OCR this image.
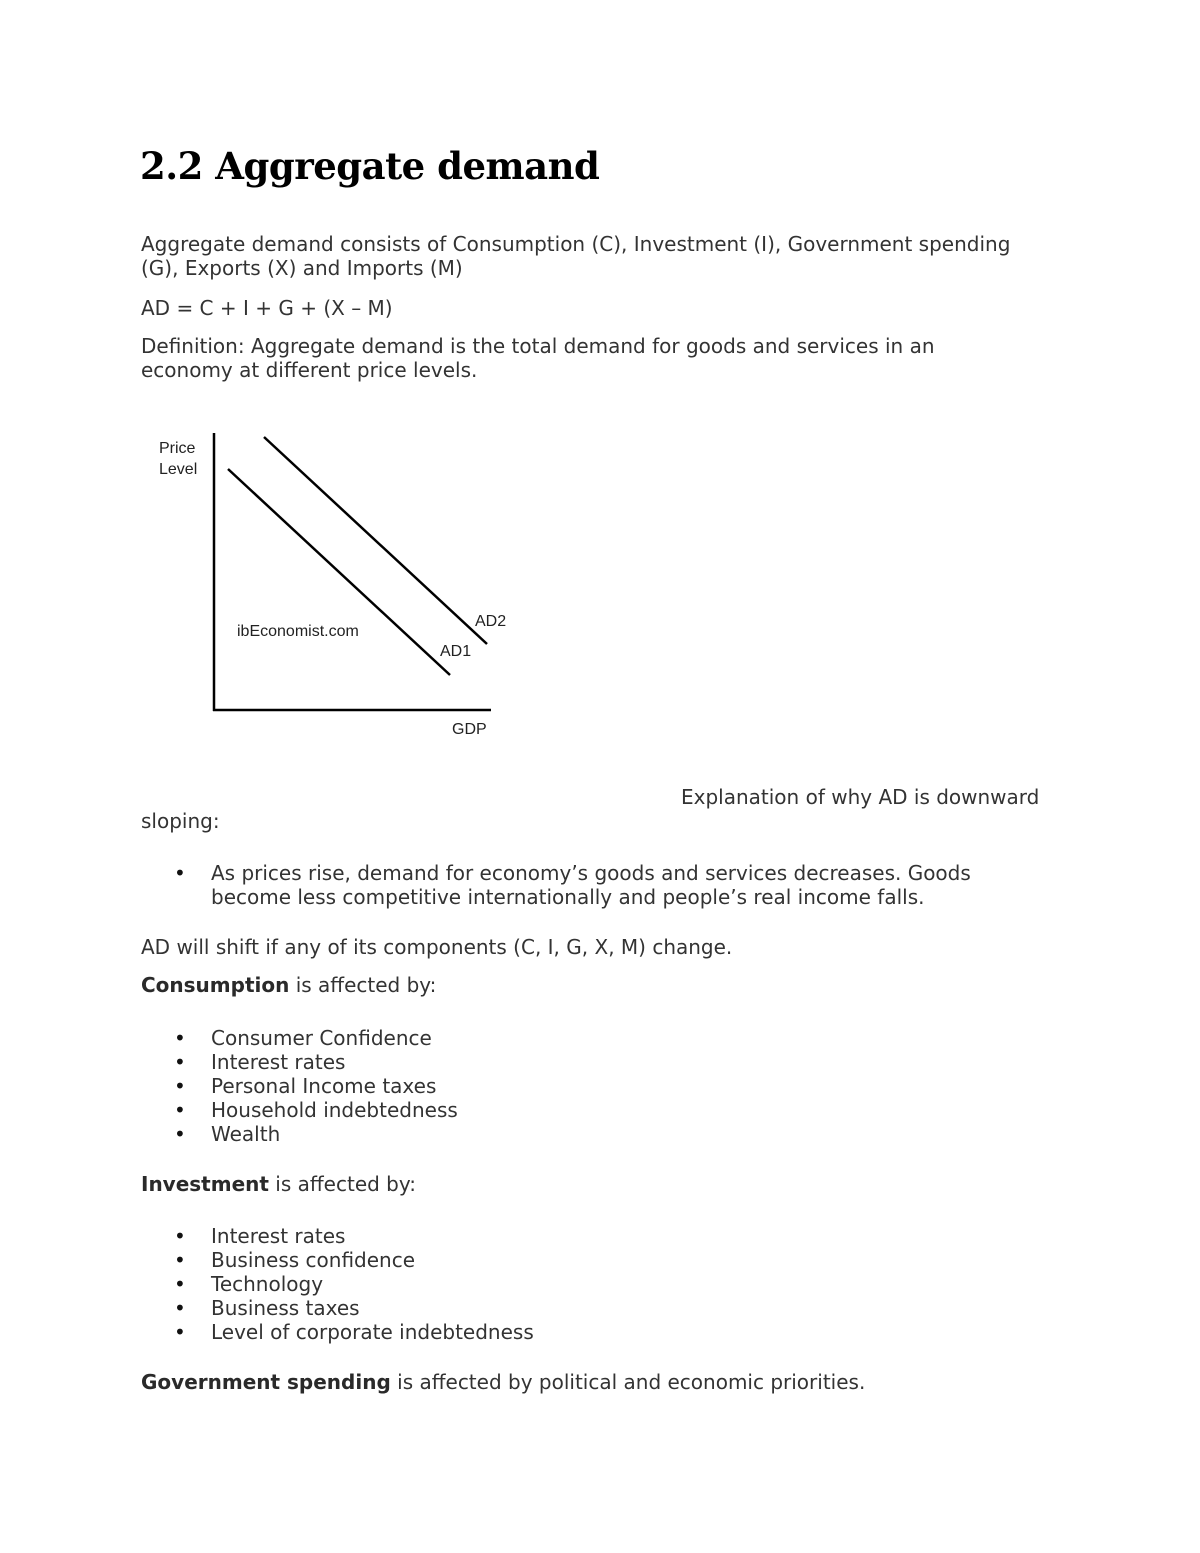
2.2 Aggregate demand
Aggregate demand consists of Consumption (C), Investment (I), Government spending
(G), Exports (X) and Imports (M)
AD = C + I + G + (X – M)
Definition: Aggregate demand is the total demand for goods and services in an
economy at different price levels.
Price
Level
GDP
ibEconomist.com
AD1
AD2
Explanation of why AD is downward
sloping:
• As prices rise, demand for economy’s goods and services decreases. Goods
become less competitive internationally and people’s real income falls.
AD will shift if any of its components (C, I, G, X, M) change.
Consumption is affected by:
• Consumer Confidence
• Interest rates
• Personal Income taxes
• Household indebtedness
• Wealth
Investment is affected by:
• Interest rates
• Business confidence
• Technology
• Business taxes
• Level of corporate indebtedness
Government spending is affected by political and economic priorities.
